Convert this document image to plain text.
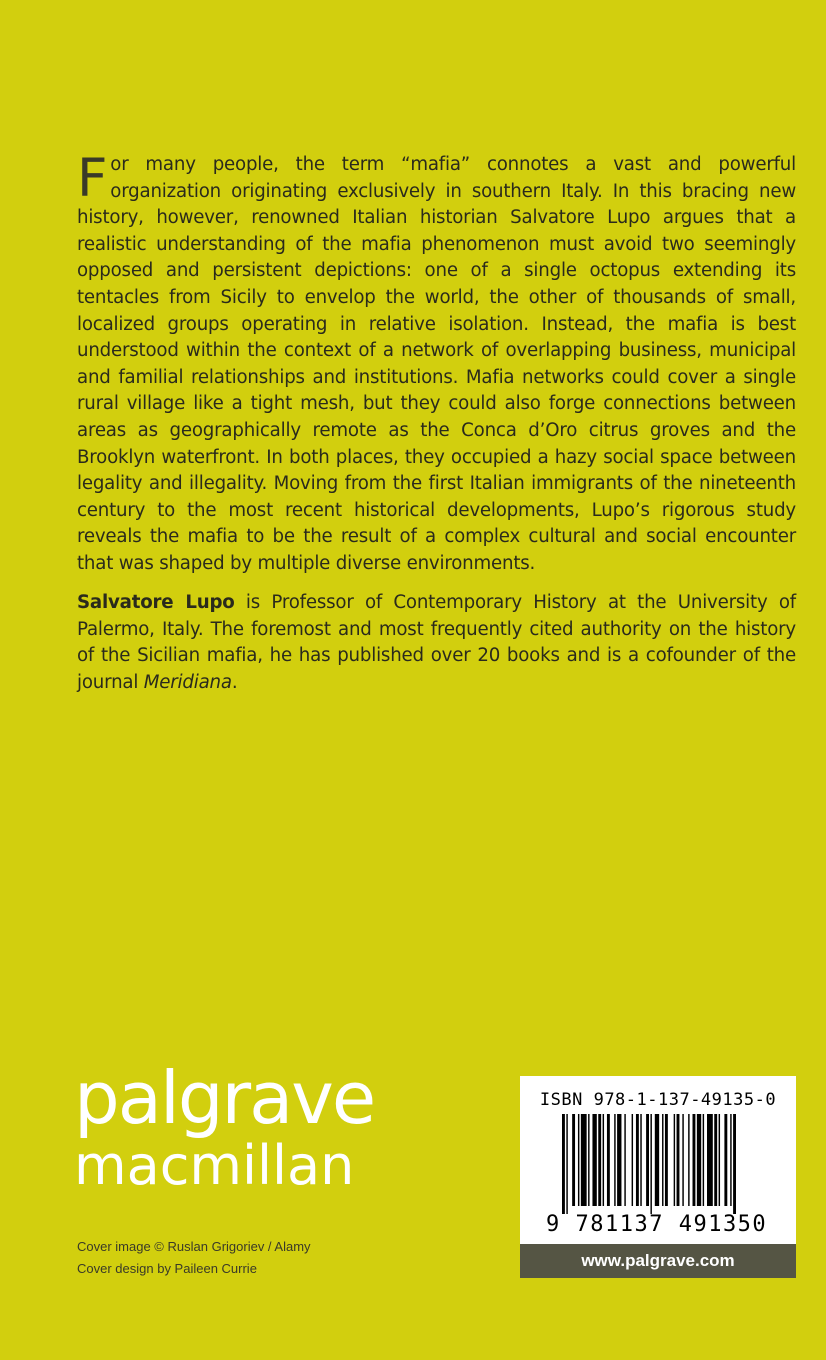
For many people, the term “mafia” connotes a vast and powerful organization originating exclusively in southern Italy. In this bracing new history, however, renowned Italian historian Salvatore Lupo argues that a realistic understanding of the mafia phenomenon must avoid two seemingly opposed and persistent depictions: one of a single octopus extending its tentacles from Sicily to envelop the world, the other of thousands of small, localized groups operating in relative isolation. Instead, the mafia is best understood within the context of a network of overlapping business, municipal and familial relationships and institutions. Mafia networks could cover a single rural village like a tight mesh, but they could also forge connections between areas as geographically remote as the Conca d’Oro citrus groves and the Brooklyn waterfront. In both places, they occupied a hazy social space between legality and illegality. Moving from the first Italian immigrants of the nineteenth century to the most recent historical developments, Lupo’s rigorous study reveals the mafia to be the result of a complex cultural and social encounter that was shaped by multiple diverse environments.
Salvatore Lupo is Professor of Contemporary History at the University of Palermo, Italy. The foremost and most frequently cited authority on the history of the Sicilian mafia, he has published over 20 books and is a cofounder of the journal Meridiana.
palgrave
macmillan
Cover image © Ruslan Grigoriev / Alamy
Cover design by Paileen Currie
ISBN 978-1-137-49135-0
9 781137 491350
www.palgrave.com
